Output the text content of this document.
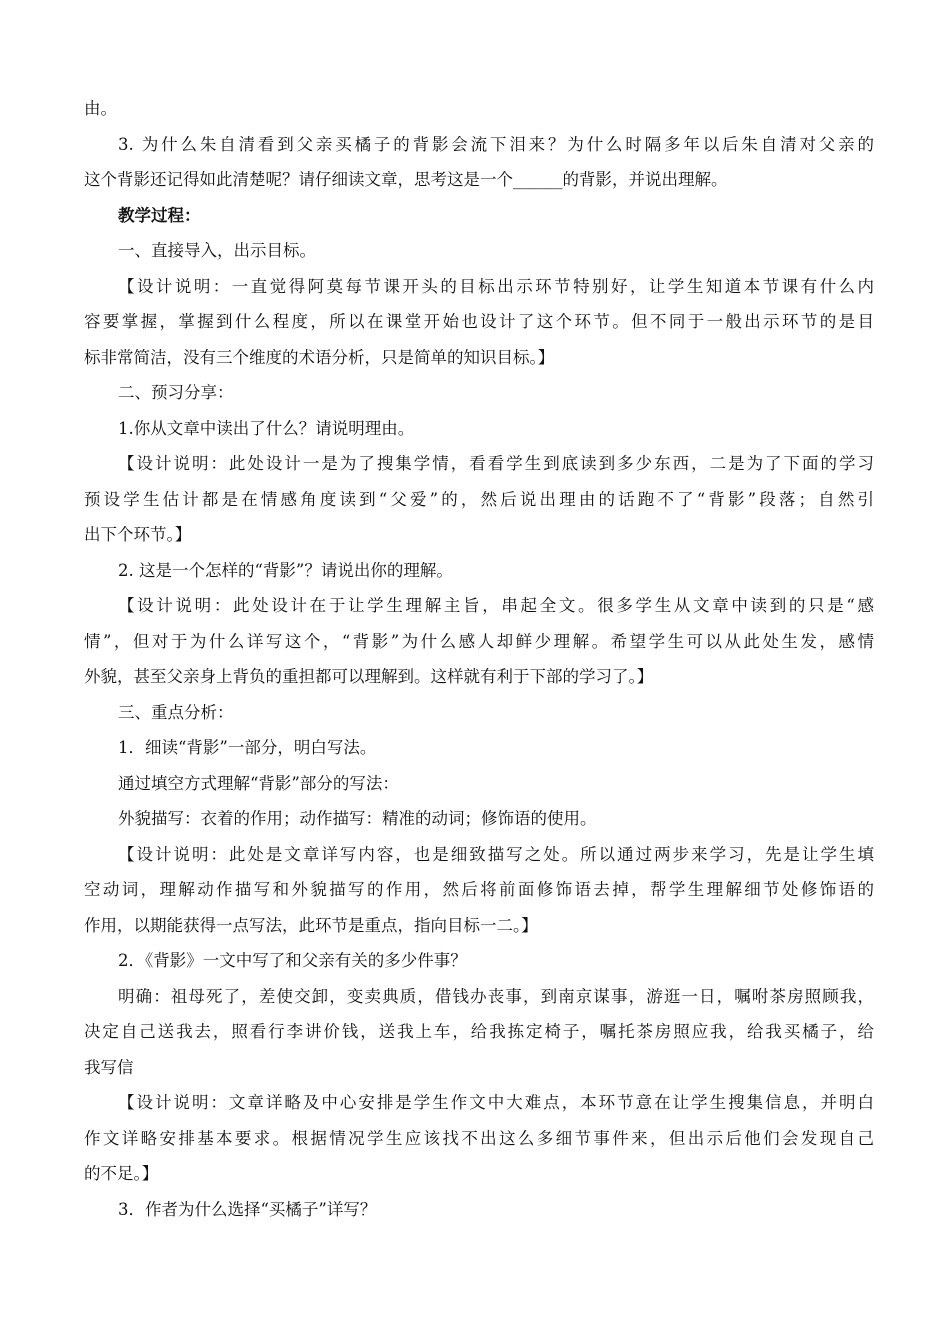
由。
3. 为什么朱自清看到父亲买橘子的背影会流下泪来？为什么时隔多年以后朱自清对父亲的
这个背影还记得如此清楚呢？请仔细读文章，思考这是一个______的背影，并说出理解。
教学过程：
一、直接导入，出示目标。
【设计说明：一直觉得阿莫每节课开头的目标出示环节特别好，让学生知道本节课有什么内
容要掌握，掌握到什么程度，所以在课堂开始也设计了这个环节。但不同于一般出示环节的是目
标非常简洁，没有三个维度的术语分析，只是简单的知识目标。】
二、预习分享：
1.你从文章中读出了什么？请说明理由。
【设计说明：此处设计一是为了搜集学情，看看学生到底读到多少东西，二是为了下面的学习
预设学生估计都是在情感角度读到“父爱”的，然后说出理由的话跑不了“背影”段落；自然引
出下个环节。】
2. 这是一个怎样的“背影”？请说出你的理解。
【设计说明：此处设计在于让学生理解主旨，串起全文。很多学生从文章中读到的只是“感
情”，但对于为什么详写这个，“背影”为什么感人却鲜少理解。希望学生可以从此处生发，感情
外貌，甚至父亲身上背负的重担都可以理解到。这样就有利于下部的学习了。】
三、重点分析：
1．细读“背影”一部分，明白写法。
通过填空方式理解“背影”部分的写法：
外貌描写：衣着的作用；动作描写：精准的动词；修饰语的使用。
【设计说明：此处是文章详写内容，也是细致描写之处。所以通过两步来学习，先是让学生填
空动词，理解动作描写和外貌描写的作用，然后将前面修饰语去掉，帮学生理解细节处修饰语的
作用，以期能获得一点写法，此环节是重点，指向目标一二。】
2．《背影》一文中写了和父亲有关的多少件事？
明确：祖母死了，差使交卸，变卖典质，借钱办丧事，到南京谋事，游逛一日，嘱咐茶房照顾我，
决定自己送我去，照看行李讲价钱，送我上车，给我拣定椅子，嘱托茶房照应我，给我买橘子，给
我写信
【设计说明：文章详略及中心安排是学生作文中大难点，本环节意在让学生搜集信息，并明白
作文详略安排基本要求。根据情况学生应该找不出这么多细节事件来，但出示后他们会发现自己
的不足。】
3．作者为什么选择“买橘子”详写？
